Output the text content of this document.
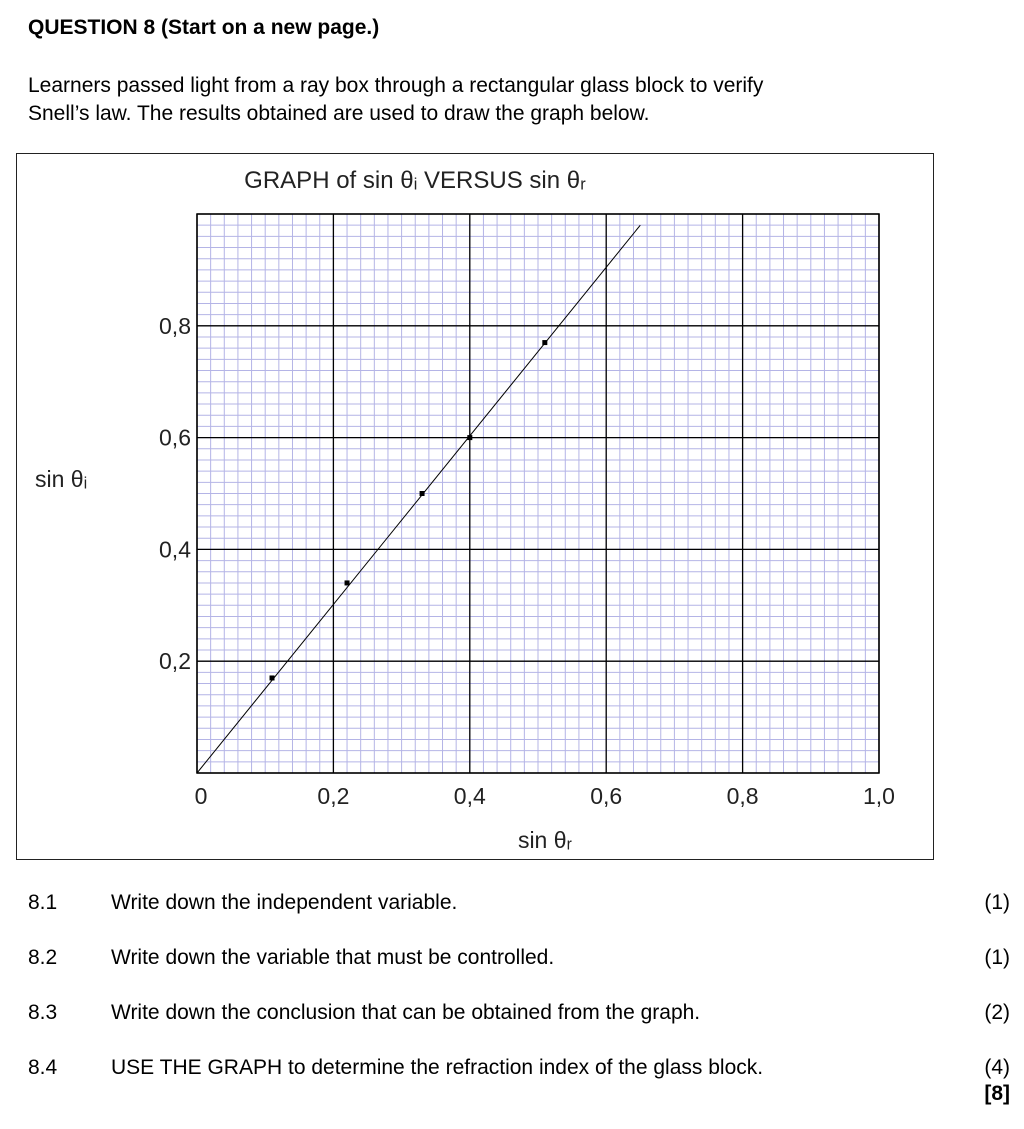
QUESTION 8 (Start on a new page.)
Learners passed light from a ray box through a rectangular glass block to verify
Snell’s law. The results obtained are used to draw the graph below.
GRAPH of sin θᵢ VERSUS sin θᵣ
sin θᵣ
sin θᵢ
0	0,2	0,4	0,6	0,8	1,0
0,2
0,4
0,6
0,8
8.1	Write down the independent variable.	(1)
8.2	Write down the variable that must be controlled.	(1)
8.3	Write down the conclusion that can be obtained from the graph.	(2)
8.4	USE THE GRAPH to determine the refraction index of the glass block.	(4)
[8]
